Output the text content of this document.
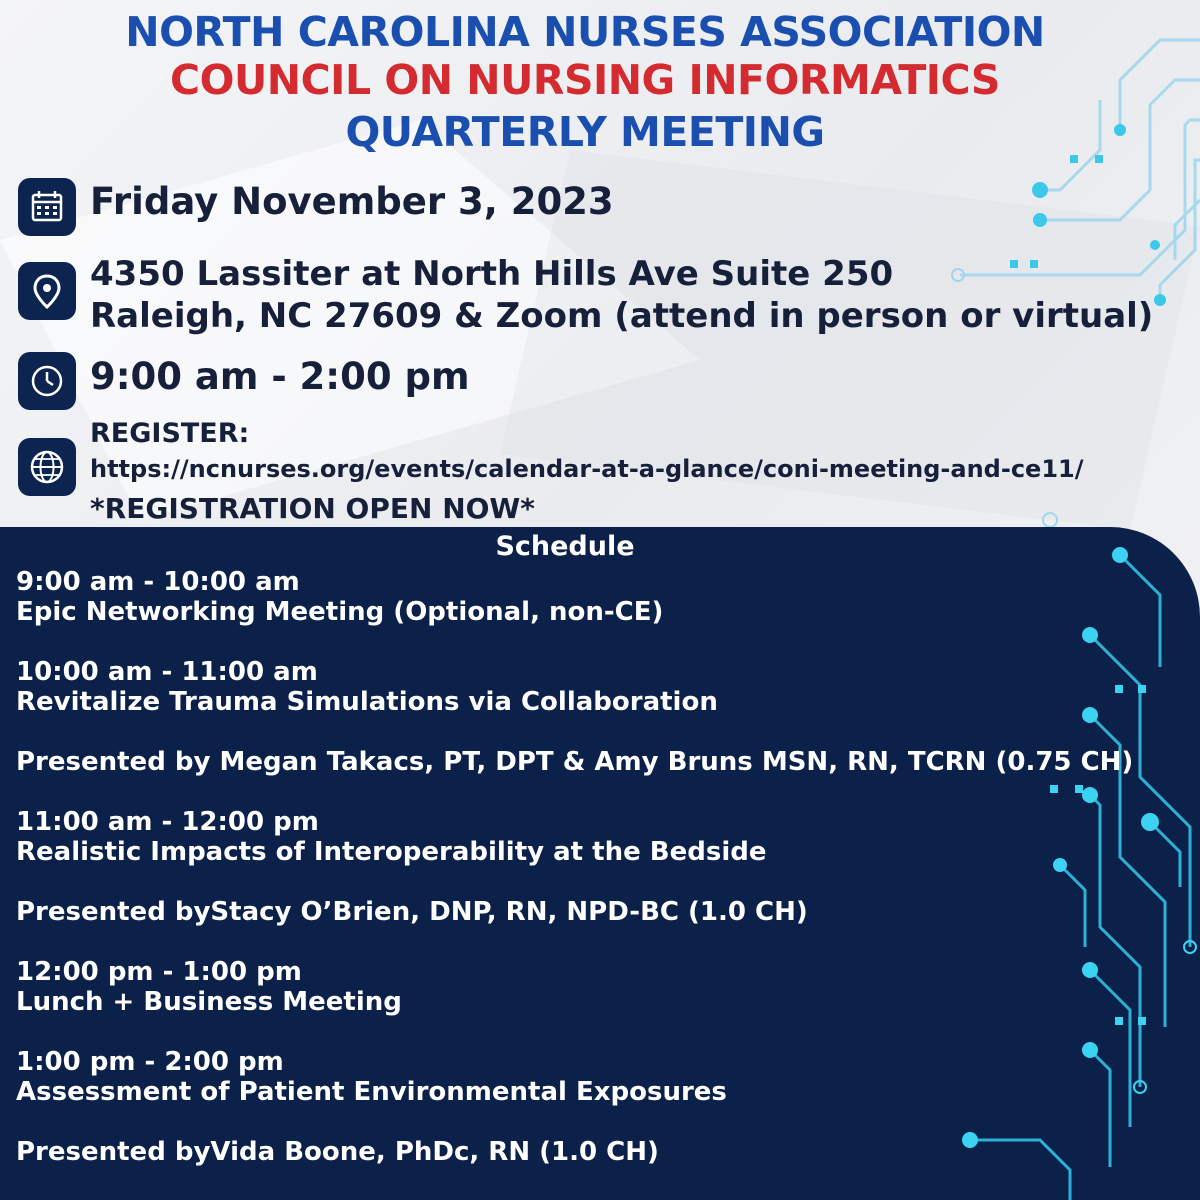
NORTH CAROLINA NURSES ASSOCIATION
COUNCIL ON NURSING INFORMATICS
QUARTERLY MEETING

Friday November 3, 2023

4350 Lassiter at North Hills Ave Suite 250
Raleigh, NC 27609 & Zoom (attend in person or virtual)

9:00 am - 2:00 pm

REGISTER:

https://ncnurses.org/events/calendar-at-a-glance/coni-meeting-and-ce11/

*REGISTRATION OPEN NOW*

Schedule

9:00 am - 10:00 am
Epic Networking Meeting (Optional, non-CE)
10:00 am - 11:00 am
Revitalize Trauma Simulations via Collaboration
Presented by Megan Takacs, PT, DPT & Amy Bruns MSN, RN, TCRN (0.75 CH)
11:00 am - 12:00 pm
Realistic Impacts of Interoperability at the Bedside
Presented byStacy O’Brien, DNP, RN, NPD-BC (1.0 CH)
12:00 pm - 1:00 pm
Lunch + Business Meeting
1:00 pm - 2:00 pm
Assessment of Patient Environmental Exposures
Presented byVida Boone, PhDc, RN (1.0 CH)
